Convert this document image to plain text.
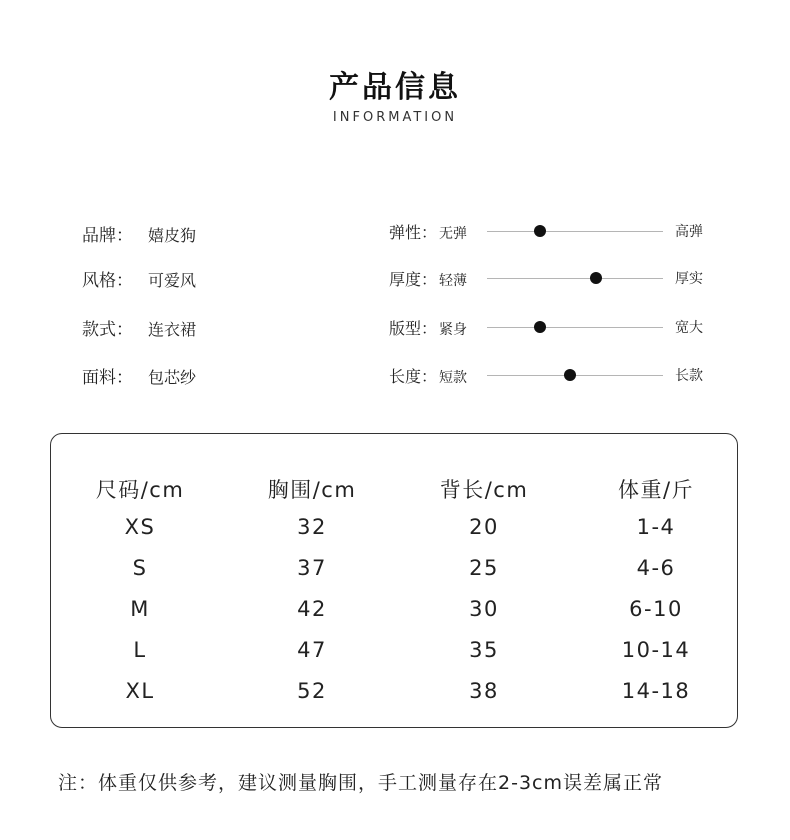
产品信息
INFORMATION
品牌： 嬉皮狗
风格： 可爱风
款式： 连衣裙
面料： 包芯纱
弹性： 无弹	高弹
厚度： 轻薄	厚实
版型： 紧身	宽大
长度： 短款	长款
尺码/cm	胸围/cm	背长/cm	体重/斤
XS	32	20	1-4
S	37	25	4-6
M	42	30	6-10
L	47	35	10-14
XL	52	38	14-18
注：体重仅供参考，建议测量胸围，手工测量存在2-3cm误差属正常
